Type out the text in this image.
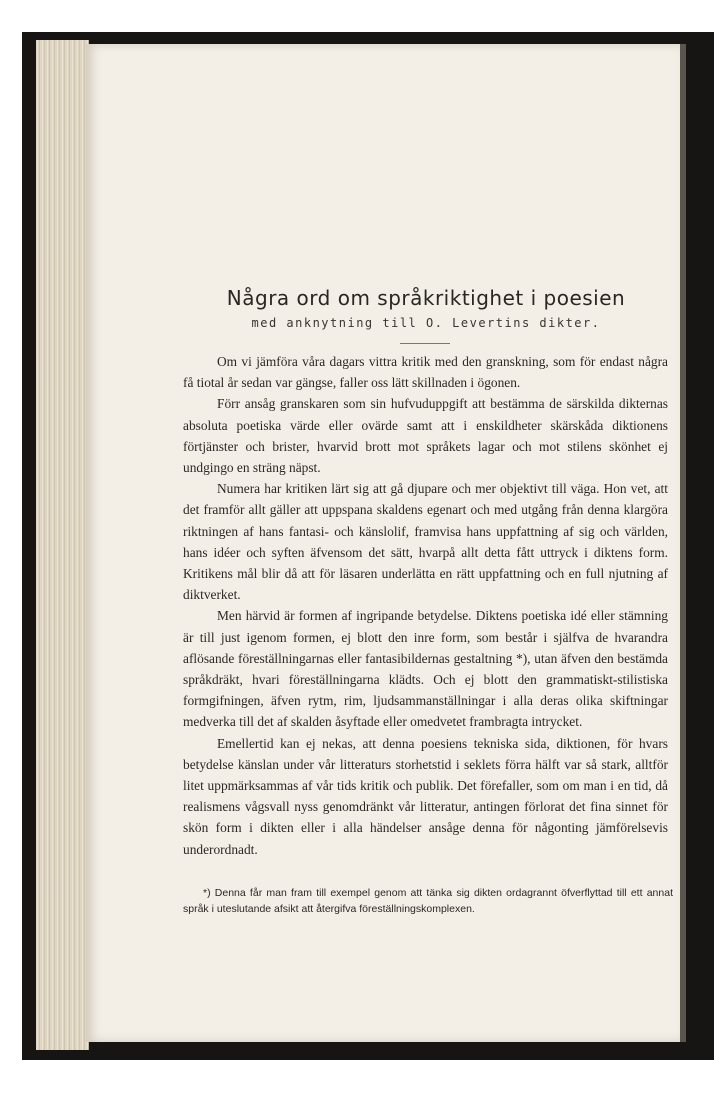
Några ord om språkriktighet i poesien
med anknytning till O. Levertins dikter.

Om vi jämföra våra dagars vittra kritik med den granskning, som för endast några få tiotal år sedan var gängse, faller oss lätt skillnaden i ögonen.

Förr ansåg granskaren som sin hufvuduppgift att bestämma de särskilda dikternas absoluta poetiska värde eller ovärde samt att i enskildheter skärskåda diktionens förtjänster och brister, hvarvid brott mot språkets lagar och mot stilens skönhet ej undgingo en sträng näpst.

Numera har kritiken lärt sig att gå djupare och mer objektivt till väga. Hon vet, att det framför allt gäller att uppspana skaldens egenart och med utgång från denna klargöra riktningen af hans fantasi- och känslolif, framvisa hans uppfattning af sig och världen, hans idéer och syften äfvensom det sätt, hvarpå allt detta fått uttryck i diktens form. Kritikens mål blir då att för läsaren underlätta en rätt uppfattning och en full njutning af diktverket.

Men härvid är formen af ingripande betydelse. Diktens poetiska idé eller stämning är till just igenom formen, ej blott den inre form, som består i själfva de hvarandra aflösande föreställningarnas eller fantasibildernas gestaltning *), utan äfven den bestämda språkdräkt, hvari föreställningarna klädts. Och ej blott den grammatiskt-stilistiska formgifningen, äfven rytm, rim, ljudsammanställningar i alla deras olika skiftningar medverka till det af skalden åsyftade eller omedvetet frambragta intrycket.

Emellertid kan ej nekas, att denna poesiens tekniska sida, diktionen, för hvars betydelse känslan under vår litteraturs storhetstid i seklets förra hälft var så stark, alltför litet uppmärksammas af vår tids kritik och publik. Det förefaller, som om man i en tid, då realismens vågsvall nyss genomdränkt vår litteratur, antingen förlorat det fina sinnet för skön form i dikten eller i alla händelser ansåge denna för någonting jämförelsevis underordnadt.

*) Denna får man fram till exempel genom att tänka sig dikten ordagrannt öfverflyttad till ett annat språk i uteslutande afsikt att återgifva föreställningskomplexen.
